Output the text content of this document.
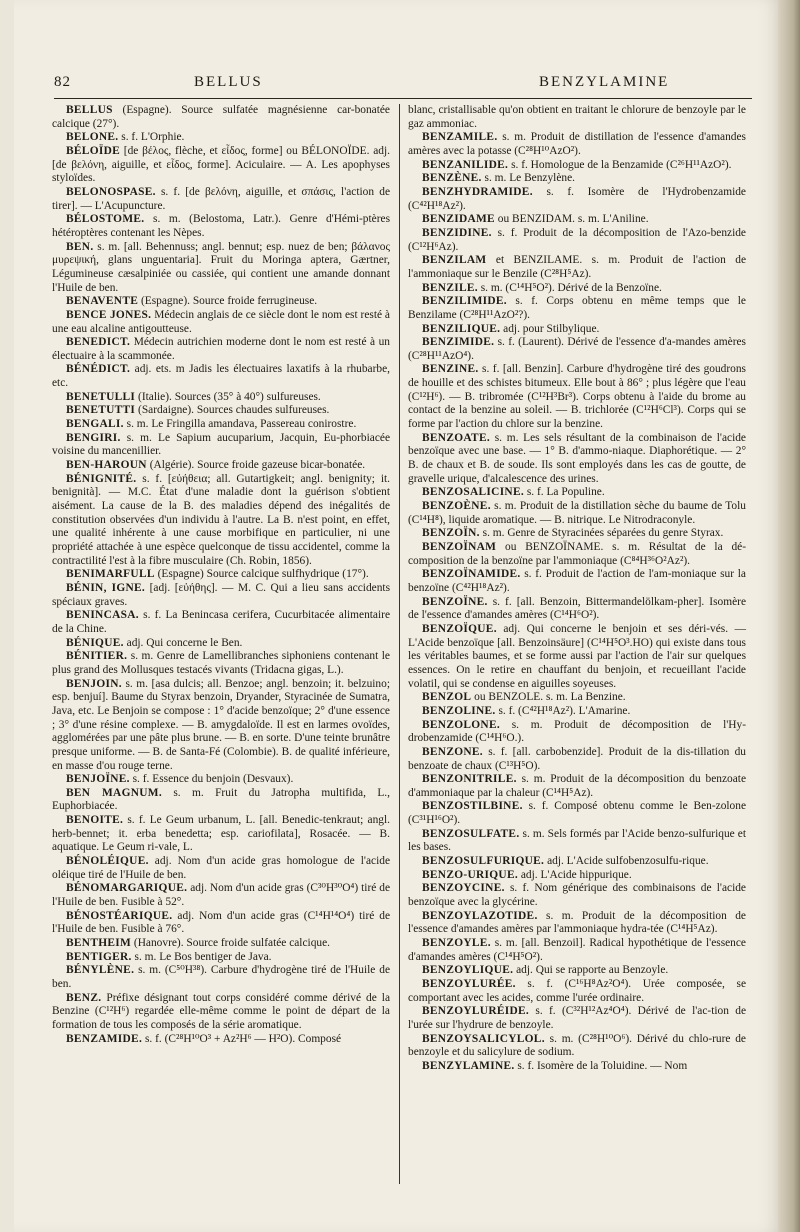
82	BELLUS	BENZYLAMINE

BELLUS (Espagne). Source sulfatée magnésienne car-bonatée calcique (27°).

BELONE. s. f. L'Orphie.

BÉLOÏDE [de βέλος, flèche, et εἶδος, forme] ou BÉLONOÏDE. adj. [de βελόνη, aiguille, et εἶδος, forme]. Aciculaire. — A. Les apophyses styloïdes.

BELONOSPASE. s. f. [de βελόνη, aiguille, et σπάσις, l'action de tirer]. — L'Acupuncture.

BÉLOSTOME. s. m. (Belostoma, Latr.). Genre d'Hémi-ptères hétéroptères contenant les Nèpes.

BEN. s. m. [all. Behennuss; angl. bennut; esp. nuez de ben; βάλανος μυρεψική, glans unguentaria]. Fruit du Moringa aptera, Gærtner, Légumineuse cæsalpiniée ou cassiée, qui contient une amande donnant l'Huile de ben.

BENAVENTE (Espagne). Source froide ferrugineuse.

BENCE JONES. Médecin anglais de ce siècle dont le nom est resté à une eau alcaline antigoutteuse.

BENEDICT. Médecin autrichien moderne dont le nom est resté à un électuaire à la scammonée.

BÉNÉDICT. adj. ets. m Jadis les électuaires laxatifs à la rhubarbe, etc.

BENETULLI (Italie). Sources (35° à 40°) sulfureuses.

BENETUTTI (Sardaigne). Sources chaudes sulfureuses.

BENGALI. s. m. Le Fringilla amandava, Passereau conirostre.

BENGIRI. s. m. Le Sapium aucuparium, Jacquin, Eu-phorbiacée voisine du mancenillier.

BEN-HAROUN (Algérie). Source froide gazeuse bicar-bonatée.

BÉNIGNITÉ. s. f. [εὐήθεια; all. Gutartigkeit; angl. benignity; it. benignità]. — M.C. État d'une maladie dont la guérison s'obtient aisément. La cause de la B. des maladies dépend des inégalités de constitution observées d'un individu à l'autre. La B. n'est point, en effet, une qualité inhérente à une cause morbifique en particulier, ni une propriété attachée à une espèce quelconque de tissu accidentel, comme la contractilité l'est à la fibre musculaire (Ch. Robin, 1856).

BENIMARFULL (Espagne) Source calcique sulfhydrique (17°).

BÉNIN, IGNE. [adj. [εὐήθης]. — M. C. Qui a lieu sans accidents spéciaux graves.

BENINCASA. s. f. La Benincasa cerifera, Cucurbitacée alimentaire de la Chine.

BÉNIQUE. adj. Qui concerne le Ben.

BÉNITIER. s. m. Genre de Lamellibranches siphoniens contenant le plus grand des Mollusques testacés vivants (Tridacna gigas, L.).

BENJOIN. s. m. [asa dulcis; all. Benzoe; angl. benzoin; it. belzuino; esp. benjuí]. Baume du Styrax benzoin, Dryander, Styracinée de Sumatra, Java, etc. Le Benjoin se compose : 1° d'acide benzoïque; 2° d'une essence ; 3° d'une résine complexe. — B. amygdaloïde. Il est en larmes ovoïdes, agglomérées par une pâte plus brune. — B. en sorte. D'une teinte brunâtre presque uniforme. — B. de Santa-Fé (Colombie). B. de qualité inférieure, en masse d'ou rouge terne.

BENJOÏNE. s. f. Essence du benjoin (Desvaux).

BEN MAGNUM. s. m. Fruit du Jatropha multifida, L., Euphorbiacée.

BENOITE. s. f. Le Geum urbanum, L. [all. Benedic-tenkraut; angl. herb-bennet; it. erba benedetta; esp. cariofilata], Rosacée. — B. aquatique. Le Geum ri-vale, L.

BÉNOLÉIQUE. adj. Nom d'un acide gras homologue de l'acide oléique tiré de l'Huile de ben.

BÉNOMARGARIQUE. adj. Nom d'un acide gras (C³⁰H³⁰O⁴) tiré de l'Huile de ben. Fusible à 52°.

BÉNOSTÉARIQUE. adj. Nom d'un acide gras (C¹⁴H¹⁴O⁴) tiré de l'Huile de ben. Fusible à 76°.

BENTHEIM (Hanovre). Source froide sulfatée calcique.

BENTIGER. s. m. Le Bos bentiger de Java.

BÉNYLÈNE. s. m. (C⁵⁰H³⁸). Carbure d'hydrogène tiré de l'Huile de ben.

BENZ. Préfixe désignant tout corps considéré comme dérivé de la Benzine (C¹²H⁶) regardée elle-même comme le point de départ de la formation de tous les composés de la série aromatique.

BENZAMIDE. s. f. (C²⁸H¹⁰O³ + Az²H⁶ — H²O). Composé

blanc, cristallisable qu'on obtient en traitant le chlorure de benzoyle par le gaz ammoniac.

BENZAMILE. s. m. Produit de distillation de l'essence d'amandes amères avec la potasse (C²⁸H¹⁰AzO²).

BENZANILIDE. s. f. Homologue de la Benzamide (C²⁶H¹¹AzO²).

BENZÈNE. s. m. Le Benzylène.

BENZHYDRAMIDE. s. f. Isomère de l'Hydrobenzamide (C⁴²H¹⁸Az²).

BENZIDAME ou BENZIDAM. s. m. L'Aniline.

BENZIDINE. s. f. Produit de la décomposition de l'Azo-benzide (C¹²H⁶Az).

BENZILAM et BENZILAME. s. m. Produit de l'action de l'ammoniaque sur le Benzile (C²⁸H⁵Az).

BENZILE. s. m. (C¹⁴H⁵O²). Dérivé de la Benzoïne.

BENZILIMIDE. s. f. Corps obtenu en même temps que le Benzilame (C²⁸H¹¹AzO²?).

BENZILIQUE. adj. pour Stilbylique.

BENZIMIDE. s. f. (Laurent). Dérivé de l'essence d'a-mandes amères (C²⁸H¹¹AzO⁴).

BENZINE. s. f. [all. Benzin]. Carbure d'hydrogène tiré des goudrons de houille et des schistes bitumeux. Elle bout à 86° ; plus légère que l'eau (C¹²H⁶). — B. tribromée (C¹²H³Br³). Corps obtenu à l'aide du brome au contact de la benzine au soleil. — B. trichlorée (C¹²H⁶Cl³). Corps qui se forme par l'action du chlore sur la benzine.

BENZOATE. s. m. Les sels résultant de la combinaison de l'acide benzoïque avec une base. — 1° B. d'ammo-niaque. Diaphorétique. — 2° B. de chaux et B. de soude. Ils sont employés dans les cas de goutte, de gravelle urique, d'alcalescence des urines.

BENZOSALICINE. s. f. La Populine.

BENZOÈNE. s. m. Produit de la distillation sèche du baume de Tolu (C¹⁴H⁸), liquide aromatique. — B. nitrique. Le Nitrodraconyle.

BENZOÏN. s. m. Genre de Styracinées séparées du genre Styrax.

BENZOÏNAM ou BENZOÏNAME. s. m. Résultat de la dé-composition de la benzoïne par l'ammoniaque (C⁸⁴H³⁶O²Az²).

BENZOÏNAMIDE. s. f. Produit de l'action de l'am-moniaque sur la benzoïne (C⁴²H¹⁸Az²).

BENZOÏNE. s. f. [all. Benzoin, Bittermandelölkam-pher]. Isomère de l'essence d'amandes amères (C¹⁴H⁶O²).

BENZOÏQUE. adj. Qui concerne le benjoin et ses déri-vés. — L'Acide benzoïque [all. Benzoinsäure] (C¹⁴H⁵O³.HO) qui existe dans tous les véritables baumes, et se forme aussi par l'action de l'air sur quelques essences. On le retire en chauffant du benjoin, et recueillant l'acide volatil, qui se condense en aiguilles soyeuses.

BENZOL ou BENZOLE. s. m. La Benzine.

BENZOLINE. s. f. (C⁴²H¹⁸Az²). L'Amarine.

BENZOLONE. s. m. Produit de décomposition de l'Hy-drobenzamide (C¹⁴H⁶O.).

BENZONE. s. f. [all. carbobenzide]. Produit de la dis-tillation du benzoate de chaux (C¹³H⁵O).

BENZONITRILE. s. m. Produit de la décomposition du benzoate d'ammoniaque par la chaleur (C¹⁴H⁵Az).

BENZOSTILBINE. s. f. Composé obtenu comme le Ben-zolone (C³¹H¹⁶O²).

BENZOSULFATE. s. m. Sels formés par l'Acide benzo-sulfurique et les bases.

BENZOSULFURIQUE. adj. L'Acide sulfobenzosulfu-rique.

BENZO-URIQUE. adj. L'Acide hippurique.

BENZOYCINE. s. f. Nom générique des combinaisons de l'acide benzoïque avec la glycérine.

BENZOYLAZOTIDE. s. m. Produit de la décomposition de l'essence d'amandes amères par l'ammoniaque hydra-tée (C¹⁴H⁵Az).

BENZOYLE. s. m. [all. Benzoil]. Radical hypothétique de l'essence d'amandes amères (C¹⁴H⁵O²).

BENZOYLIQUE. adj. Qui se rapporte au Benzoyle.

BENZOYLURÉE. s. f. (C¹⁶H⁸Az²O⁴). Urée composée, se comportant avec les acides, comme l'urée ordinaire.

BENZOYLURÉIDE. s. f. (C³²H¹²Az⁴O⁴). Dérivé de l'ac-tion de l'urée sur l'hydrure de benzoyle.

BENZOYSALICYLOL. s. m. (C²⁸H¹⁰O⁶). Dérivé du chlo-rure de benzoyle et du salicylure de sodium.

BENZYLAMINE. s. f. Isomère de la Toluidine. — Nom
